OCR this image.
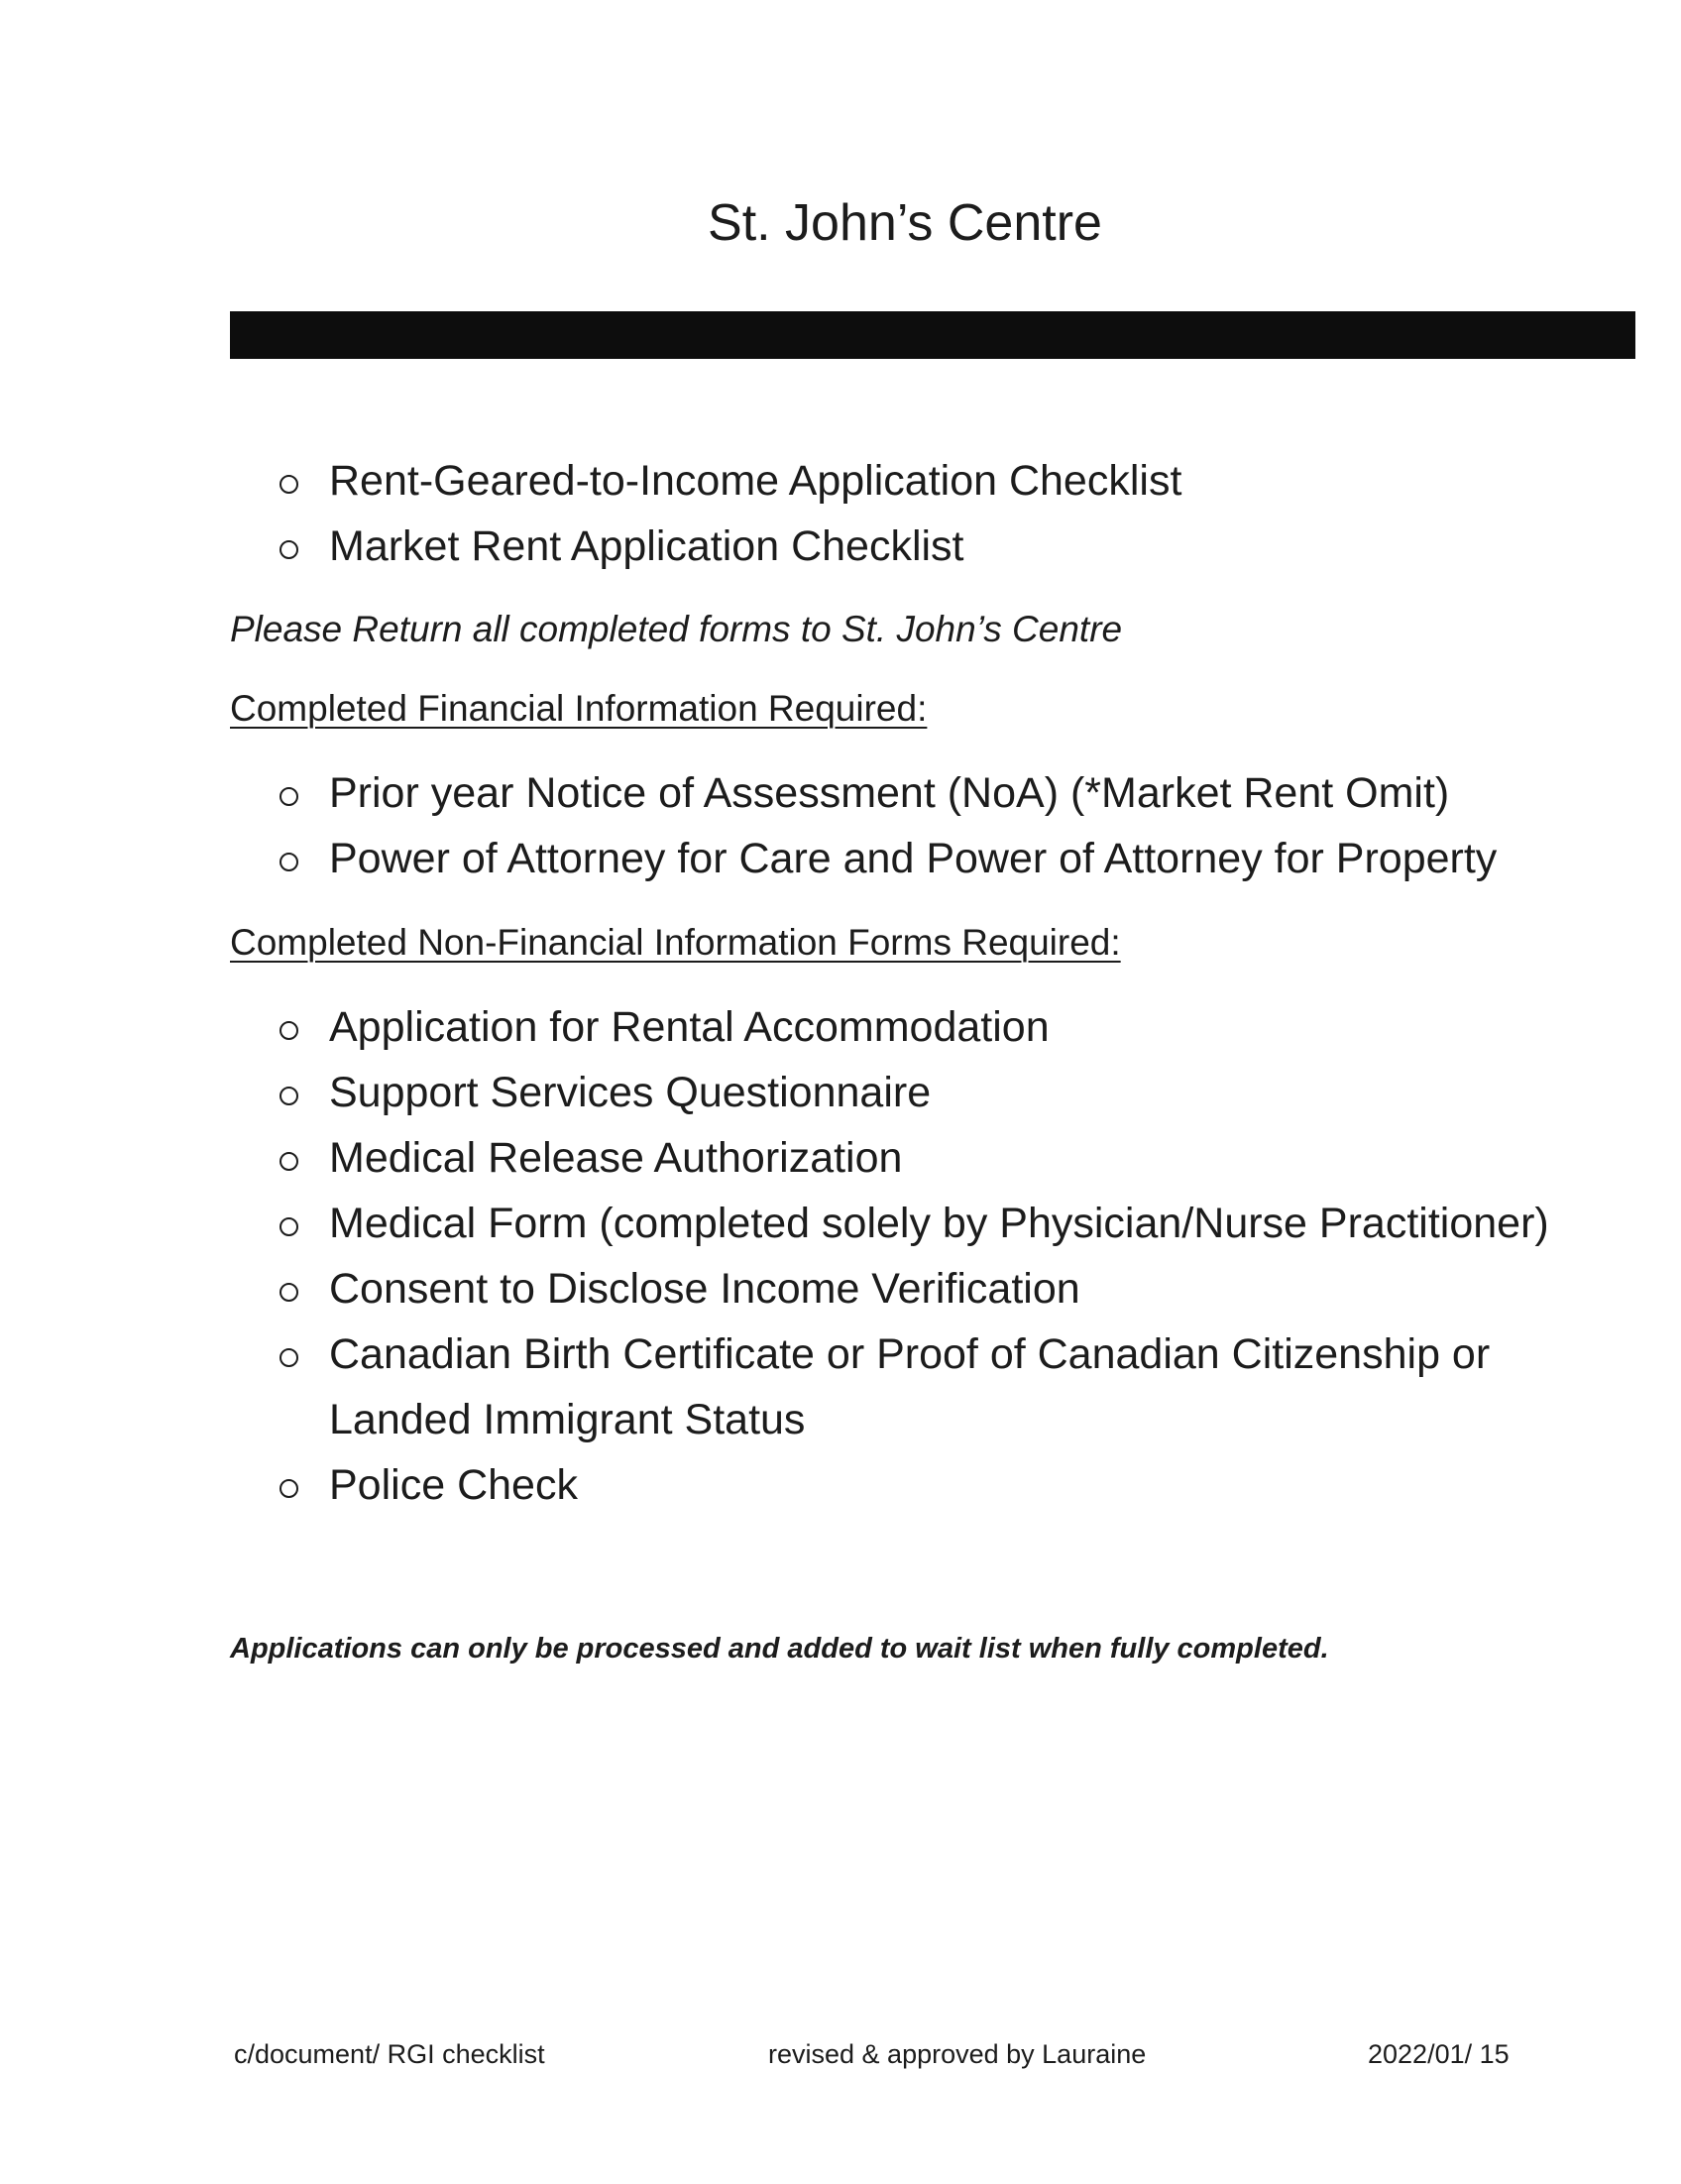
St. John’s Centre
Rent-Geared-to-Income Application Checklist
Market Rent Application Checklist
Please Return all completed forms to St. John’s Centre
Completed Financial Information Required:
Prior year Notice of Assessment (NoA) (*Market Rent Omit)
Power of Attorney for Care and Power of Attorney for Property
Completed Non-Financial Information Forms Required:
Application for Rental Accommodation
Support Services Questionnaire
Medical Release Authorization
Medical Form (completed solely by Physician/Nurse Practitioner)
Consent to Disclose Income Verification
Canadian Birth Certificate or Proof of Canadian Citizenship or Landed Immigrant Status
Police Check
Applications can only be processed and added to wait list when fully completed.
c/document/ RGI checklist	revised & approved by Lauraine	2022/01/ 15
